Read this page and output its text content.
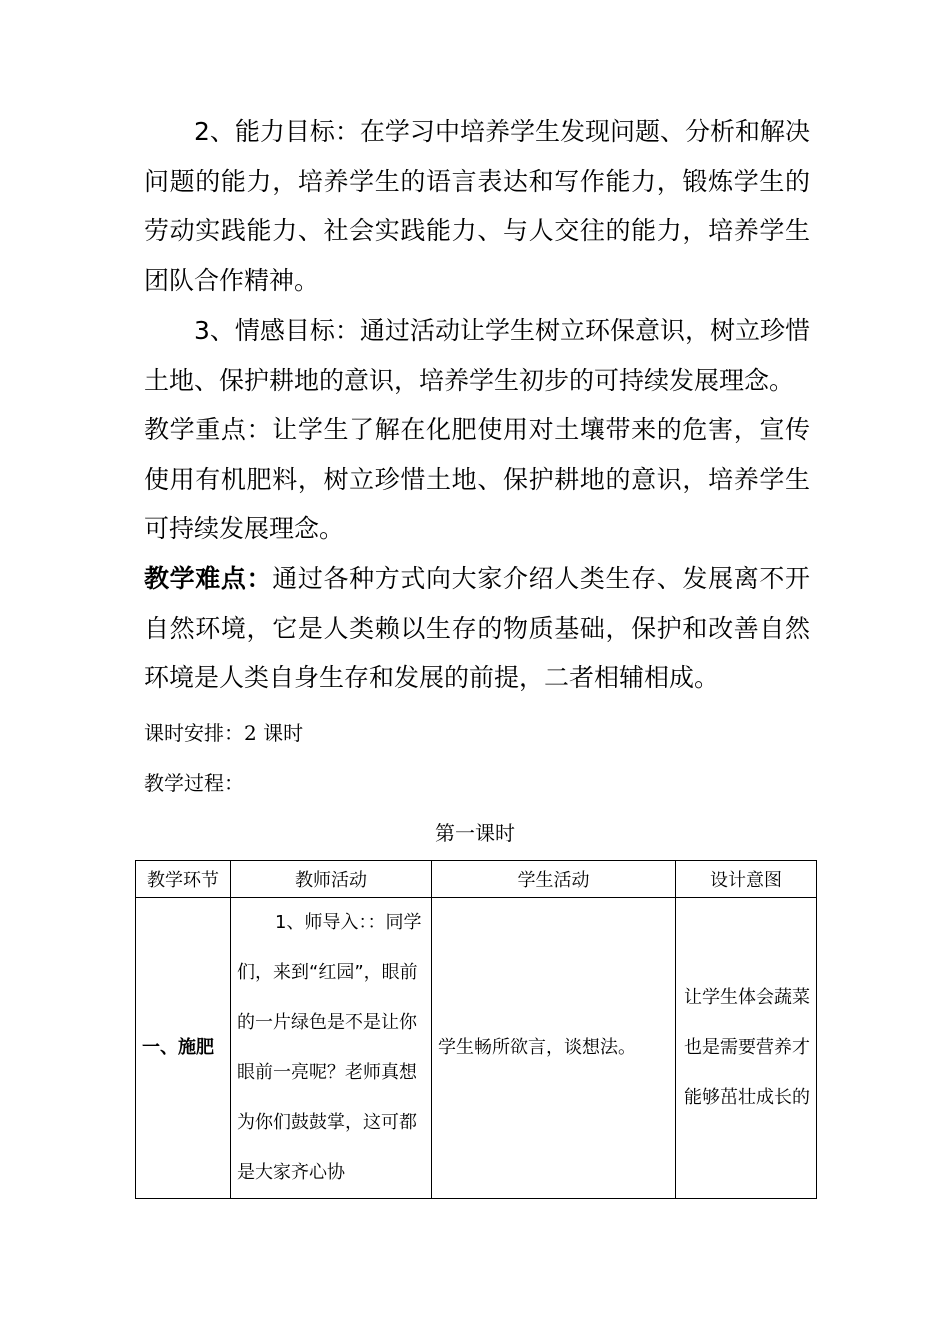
2、能力目标：在学习中培养学生发现问题、分析和解决问题的能力，培养学生的语言表达和写作能力，锻炼学生的劳动实践能力、社会实践能力、与人交往的能力，培养学生团队合作精神。

3、情感目标：通过活动让学生树立环保意识，树立珍惜土地、保护耕地的意识，培养学生初步的可持续发展理念。

教学重点：让学生了解在化肥使用对土壤带来的危害，宣传使用有机肥料，树立珍惜土地、保护耕地的意识，培养学生可持续发展理念。

教学难点：通过各种方式向大家介绍人类生存、发展离不开自然环境，它是人类赖以生存的物质基础，保护和改善自然环境是人类自身生存和发展的前提，二者相辅相成。

课时安排：2 课时

教学过程：

第一课时
教学环节	教师活动	学生活动	设计意图

一、施肥	1、师导入：：同学们，来到“红园”，眼前的一片绿色是不是让你眼前一亮呢？老师真想为你们鼓鼓掌，这可都是大家齐心协	学生畅所欲言，谈想法。	让学生体会蔬菜也是需要营养才能够茁壮成长的
